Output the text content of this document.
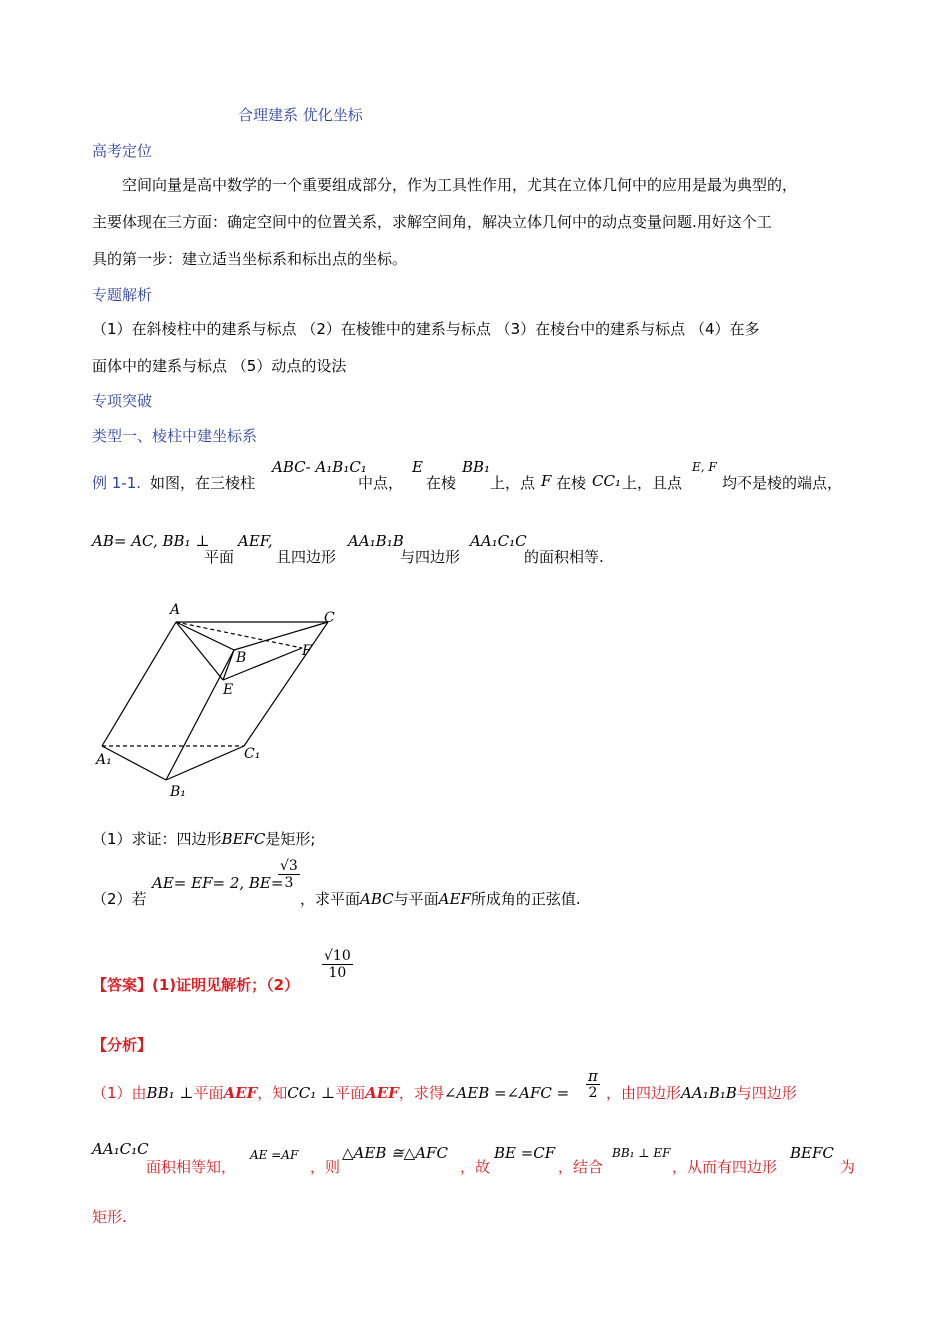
合理建系 优化坐标
高考定位
空间向量是高中数学的一个重要组成部分，作为工具性作用，尤其在立体几何中的应用是最为典型的，
主要体现在三方面：确定空间中的位置关系，求解空间角，解决立体几何中的动点变量问题.用好这个工
具的第一步：建立适当坐标系和标出点的坐标。
专题解析
（1）在斜棱柱中的建系与标点 （2）在棱锥中的建系与标点 （3）在棱台中的建系与标点 （4）在多
面体中的建系与标点 （5）动点的设法
专项突破
类型一、棱柱中建坐标系
例 1-1. 如图，在三棱柱
ABC- A₁B₁C₁
中点，
E
在棱
BB₁
上，点 F 在棱 CC₁ 上，且点
E, F
均不是棱的端点，
AB= AC, BB₁ ⊥
平面
AEF,
且四边形
AA₁B₁B
与四边形
AA₁C₁C
的面积相等.
A	C
B	F
E
A₁	C₁
B₁
（1）求证：四边形BEFC是矩形;
（2）若
AE= EF= 2, BE=
$\frac{√3}{3}$
，求平面ABC与平面AEF所成角的正弦值.
【答案】(1)证明见解析；（2）
$\frac{√10}{10}$
【分析】
（1）由BB₁ ⊥平面AEF，知CC₁ ⊥平面AEF，求得∠AEB =∠AFC = $\frac{\pi}{2}$ ，由四边形AA₁B₁B与四边形
AA₁C₁C
面积相等知，
AE =AF
，则
△AEB ≅△AFC
，故
BE =CF
，结合
BB₁ ⊥ EF
，从而有四边形
BEFC
为
矩形.
